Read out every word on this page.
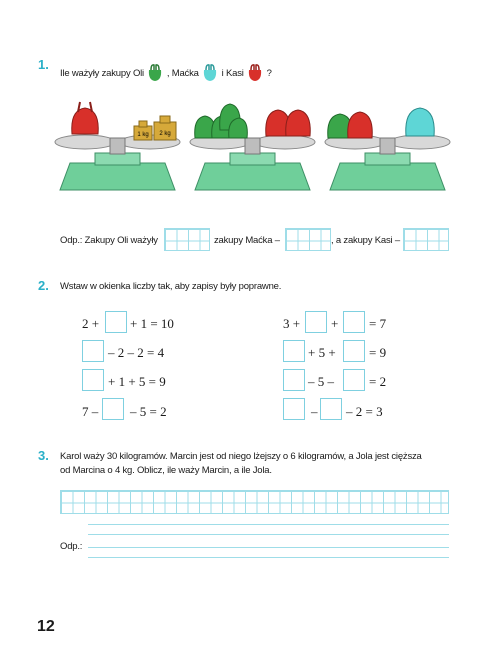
1.
Ile ważyły zakupy Oli , Maćka i Kasi ?
1 kg 2 kg
Odp.: Zakupy Oli ważyły	zakupy Maćka –	, a zakupy Kasi –
2. Wstaw w okienka liczby tak, aby zapisy były poprawne.
2 + + 1 = 10
– 2 – 2 = 4
+ 1 + 5 = 9
7 – – 5 = 2
3 + + = 7
+ 5 +	= 9
– 5 –	= 2
– – 2 = 3
3. Karol waży 30 kilogramów. Marcin jest od niego lżejszy o 6 kilogramów, a Jola jest cięższa
od Marcina o 4 kg. Oblicz, ile waży Marcin, a ile Jola.
Odp.:
12
